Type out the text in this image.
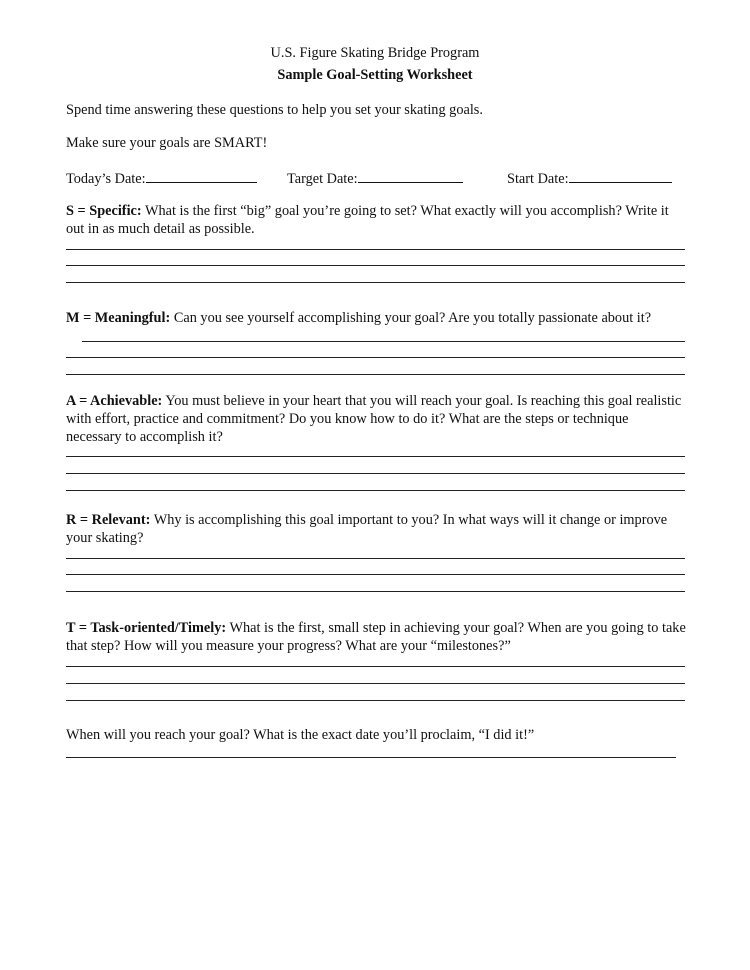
U.S. Figure Skating Bridge Program
Sample Goal-Setting Worksheet
Spend time answering these questions to help you set your skating goals.
Make sure your goals are SMART!
Today’s Date:	Target Date:	Start Date:
S = Specific: What is the first “big” goal you’re going to set? What exactly will you accomplish? Write it out in as much detail as possible.
M = Meaningful: Can you see yourself accomplishing your goal? Are you totally passionate about it?
A = Achievable: You must believe in your heart that you will reach your goal. Is reaching this goal realistic with effort, practice and commitment? Do you know how to do it? What are the steps or technique necessary to accomplish it?
R = Relevant: Why is accomplishing this goal important to you? In what ways will it change or improve your skating?
T = Task-oriented/Timely: What is the first, small step in achieving your goal? When are you going to take that step? How will you measure your progress? What are your “milestones?”
When will you reach your goal? What is the exact date you’ll proclaim, “I did it!”
